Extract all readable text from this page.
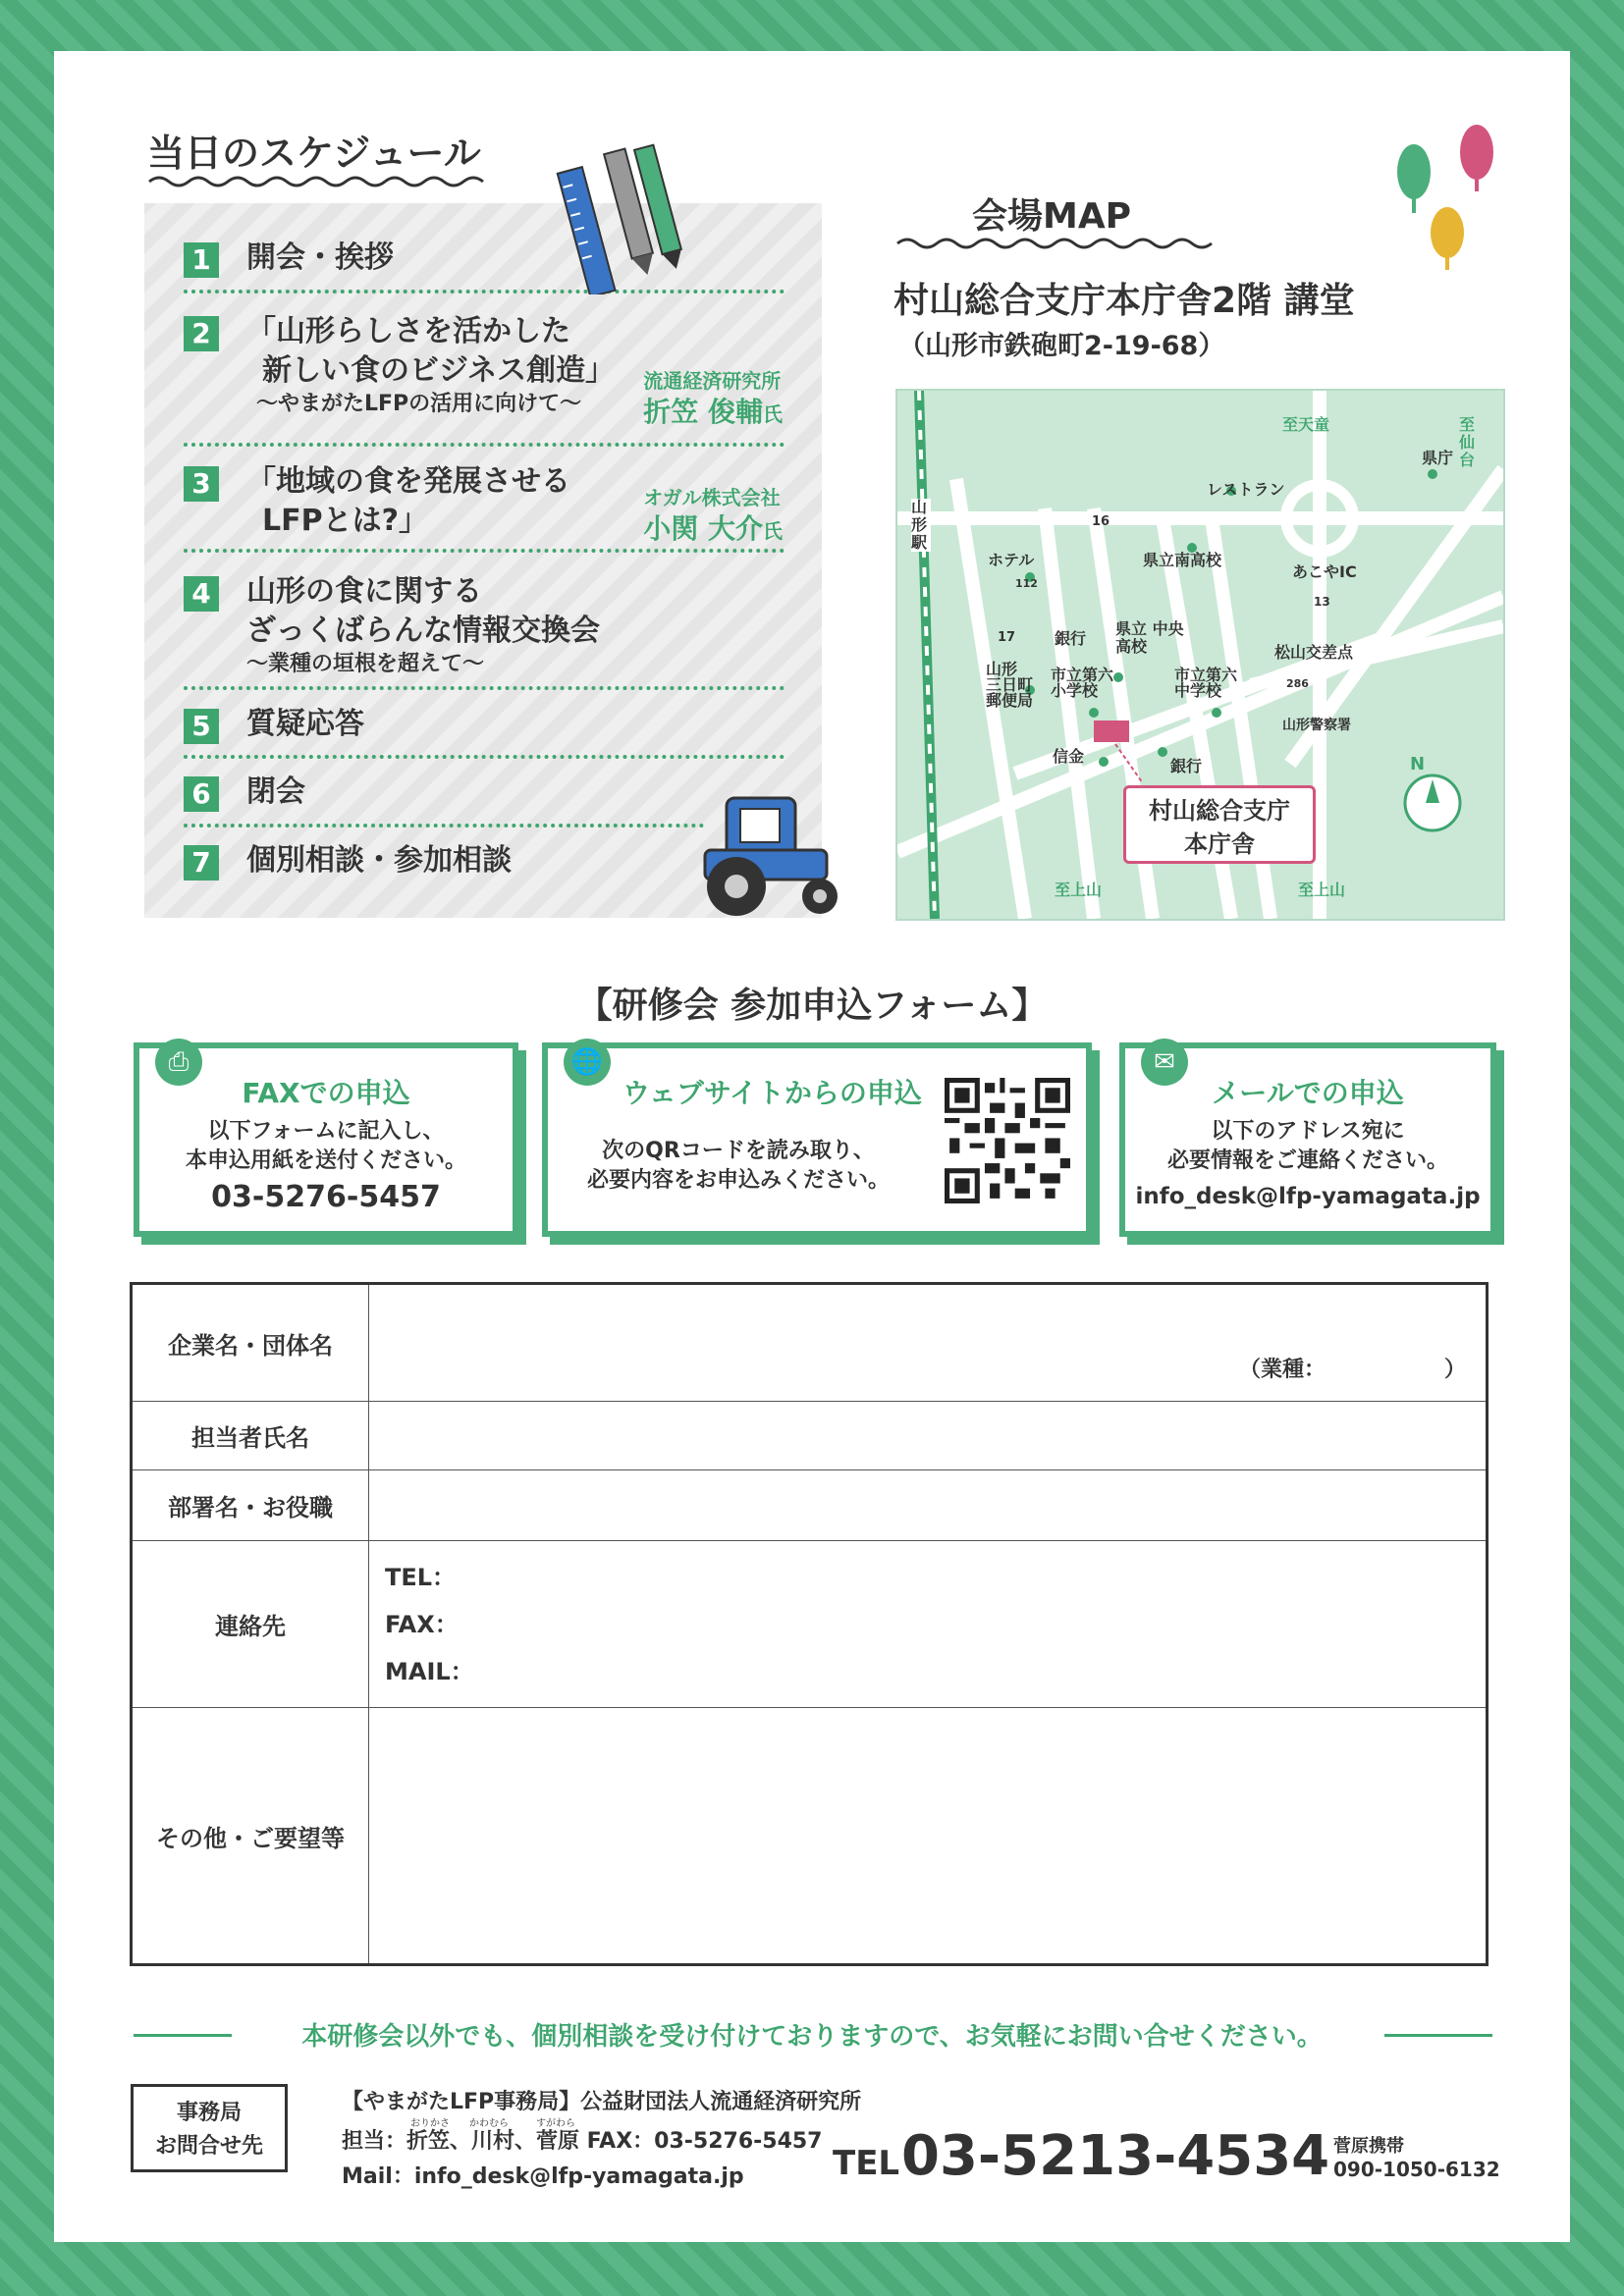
当日のスケジュール
1 開会・挨拶
2 「山形らしさを活かした
新しい食のビジネス創造」
～やまがたLFPの活用に向けて～
流通経済研究所
折笠 俊輔氏
3 「地域の食を発展させる
LFPとは?」
オガル株式会社
小関 大介氏
4 山形の食に関する
ざっくばらんな情報交換会
～業種の垣根を超えて～
5 質疑応答
6 閉会
7 個別相談・参加相談
会場MAP
村山総合支庁本庁舎2階 講堂
（山形市鉄砲町2-19-68）
至天童	至仙台
県庁
レストラン
山形駅
ホテル	県立南高校
あこやIC
16
112
13
17
286
銀行
県立 中央高校
山形 三日町 郵便局
市立第六 小学校
市立第六 中学校
松山交差点
山形警察署
信金
銀行	N
村山総合支庁
本庁舎
至上山	至上山
【研修会 参加申込フォーム】
⎙
FAXでの申込
以下フォームに記入し、
本申込用紙を送付ください。
03-5276-5457
🌐
ウェブサイトからの申込
次のQRコードを読み取り、
必要内容をお申込みください。
✉
メールでの申込
以下のアドレス宛に
必要情報をご連絡ください。
info_desk@lfp-yamagata.jp
企業名・団体名	（業種：　　　　　　）
担当者氏名	
部署名・お役職	
連絡先	TEL：
FAX：
MAIL：

その他・ご要望等	
本研修会以外でも、個別相談を受け付けておりますので、お気軽にお問い合せください。
事務局
お問合せ先
【やまがたLFP事務局】公益財団法人流通経済研究所
おりかさ かわむら	すがわら
担当：折笠、川村、菅原 FAX：03-5276-5457
Mail：info_desk@lfp-yamagata.jp	TEL 03-5213-4534 菅原携帯
090-1050-6132
